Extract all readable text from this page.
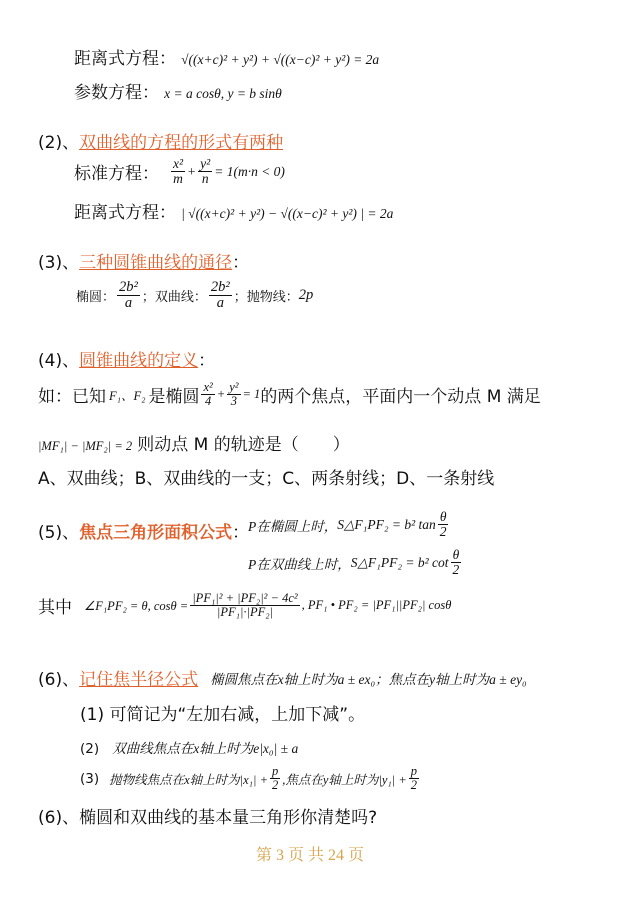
距离式方程： √((x+c)² + y²) + √((x−c)² + y²) = 2a
参数方程： x = a cosθ, y = b sinθ
(2)、双曲线的方程的形式有两种
标准方程： $\frac{\text{x²}}{m} + \frac{\text{y²}}{n} = 1(m\cdot n < 0)$
距离式方程： | √((x+c)² + y²) − √((x−c)² + y²) | = 2a
(3)、三种圆锥曲线的通径：
椭圆： $\frac{\text{2b²}}{a}$ ；双曲线： $\frac{\text{2b²}}{a}$ ；抛物线： 2p
(4)、圆锥曲线的定义：
如：已知 F₁、F₂ 是椭圆 $\frac{\text{x²}}{4} + \frac{\text{y²}}{3} = 1$ 的两个焦点，平面内一个动点 M 满足
|MF₁| − |MF₂| = 2 则动点 M 的轨迹是（　　）
A、双曲线；B、双曲线的一支；C、两条射线；D、一条射线
(5)、焦点三角形面积公式：
P在椭圆上时， S△F₁PF₂ = b² $\tan \frac{\theta}{2}$
P在双曲线上时， S△F₁PF₂ = b² $\cot \frac{\theta}{2}$
其中 ∠F₁PF₂ = θ, $\cos\theta = \frac{\text{|PF₁|² + |PF₂|² − 4c²}}{\text{|PF₁|·|PF₂|}}$ , PF₁ • PF₂ = |PF₁||PF₂| cosθ
(6)、 记住焦半径公式 椭圆焦点在x轴上时为a ± ex₀；焦点在y轴上时为a ± ey₀
(1) 可简记为“左加右减，上加下减”。
(2) 双曲线焦点在x轴上时为e|x₀| ± a
(3) 抛物线焦点在x轴上时为$|x_1| + \frac{p}{2}$ ,焦点在y轴上时为$|y_1| + \frac{p}{2}$
(6)、椭圆和双曲线的基本量三角形你清楚吗?
第 3 页 共 24 页
